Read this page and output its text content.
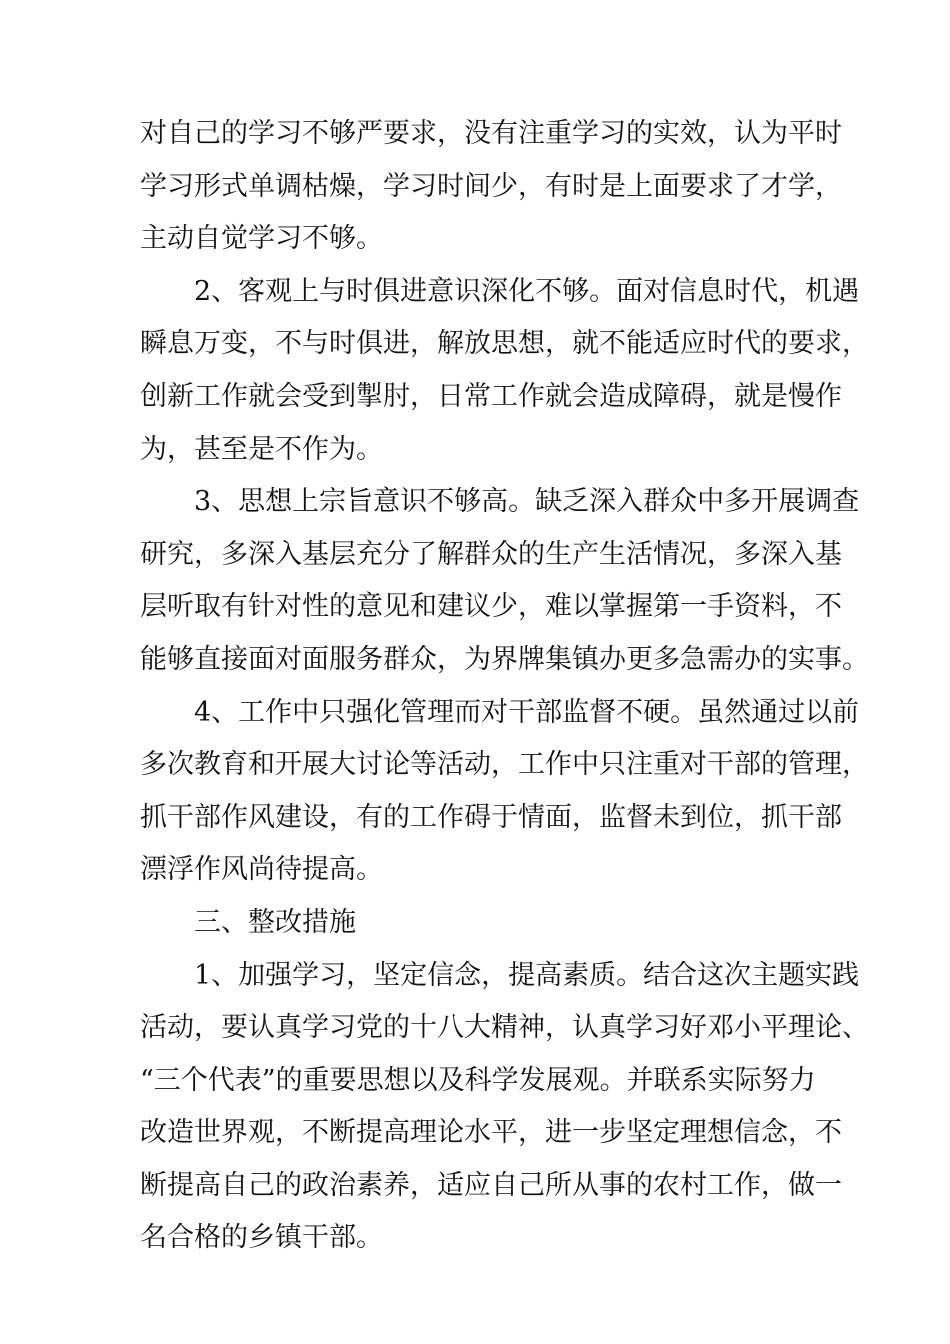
对自己的学习不够严要求，没有注重学习的实效，认为平时
学习形式单调枯燥，学习时间少，有时是上面要求了才学，
主动自觉学习不够。
2、客观上与时俱进意识深化不够。面对信息时代，机遇
瞬息万变，不与时俱进，解放思想，就不能适应时代的要求，
创新工作就会受到掣肘，日常工作就会造成障碍，就是慢作
为，甚至是不作为。
3、思想上宗旨意识不够高。缺乏深入群众中多开展调查
研究，多深入基层充分了解群众的生产生活情况，多深入基
层听取有针对性的意见和建议少，难以掌握第一手资料，不
能够直接面对面服务群众，为界牌集镇办更多急需办的实事。
4、工作中只强化管理而对干部监督不硬。虽然通过以前
多次教育和开展大讨论等活动，工作中只注重对干部的管理，
抓干部作风建设，有的工作碍于情面，监督未到位，抓干部
漂浮作风尚待提高。
三、整改措施
1、加强学习，坚定信念，提高素质。结合这次主题实践
活动，要认真学习党的十八大精神，认真学习好邓小平理论、
“三个代表”的重要思想以及科学发展观。并联系实际努力
改造世界观，不断提高理论水平，进一步坚定理想信念，不
断提高自己的政治素养，适应自己所从事的农村工作，做一
名合格的乡镇干部。
